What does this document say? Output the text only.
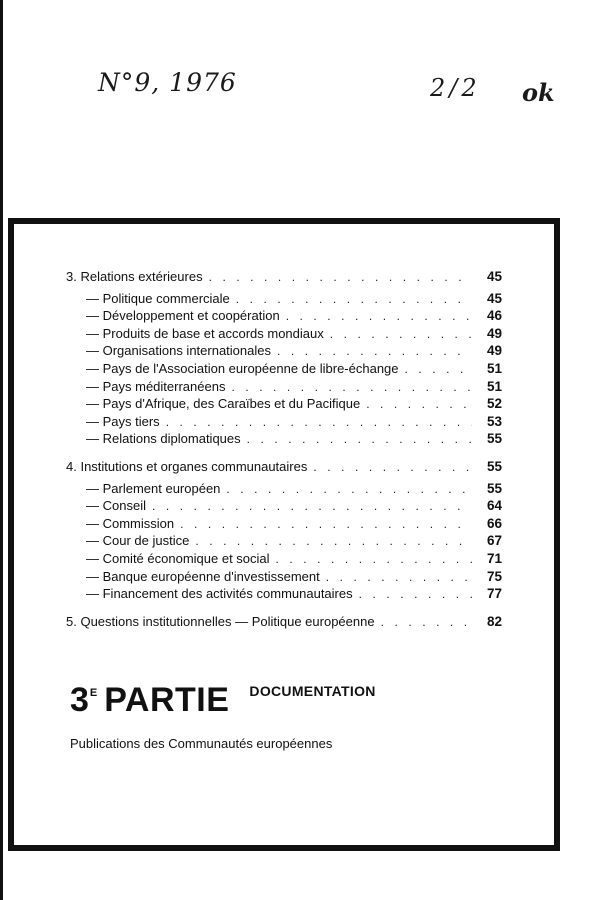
N°9, 1976	2/2 ok
3. Relations extérieures . . .	45
— Politique commerciale . . .	45
— Développement et coopération . . .	46
— Produits de base et accords mondiaux . . .	49
— Organisations internationales . . .	49
— Pays de l'Association européenne de libre-échange . . .	51
— Pays méditerranéens . . .	51
— Pays d'Afrique, des Caraïbes et du Pacifique . . .	52
— Pays tiers . . .	53
— Relations diplomatiques . . .	55
4. Institutions et organes communautaires . . .	55
— Parlement européen . . .	55
— Conseil . . .	64
— Commission . . .	66
— Cour de justice . . .	67
— Comité économique et social . . .	71
— Banque européenne d'investissement . . .	75
— Financement des activités communautaires . . .	77
5. Questions institutionnelles — Politique européenne . . .	82
3 E PARTIE DOCUMENTATION
Publications des Communautés européennes
